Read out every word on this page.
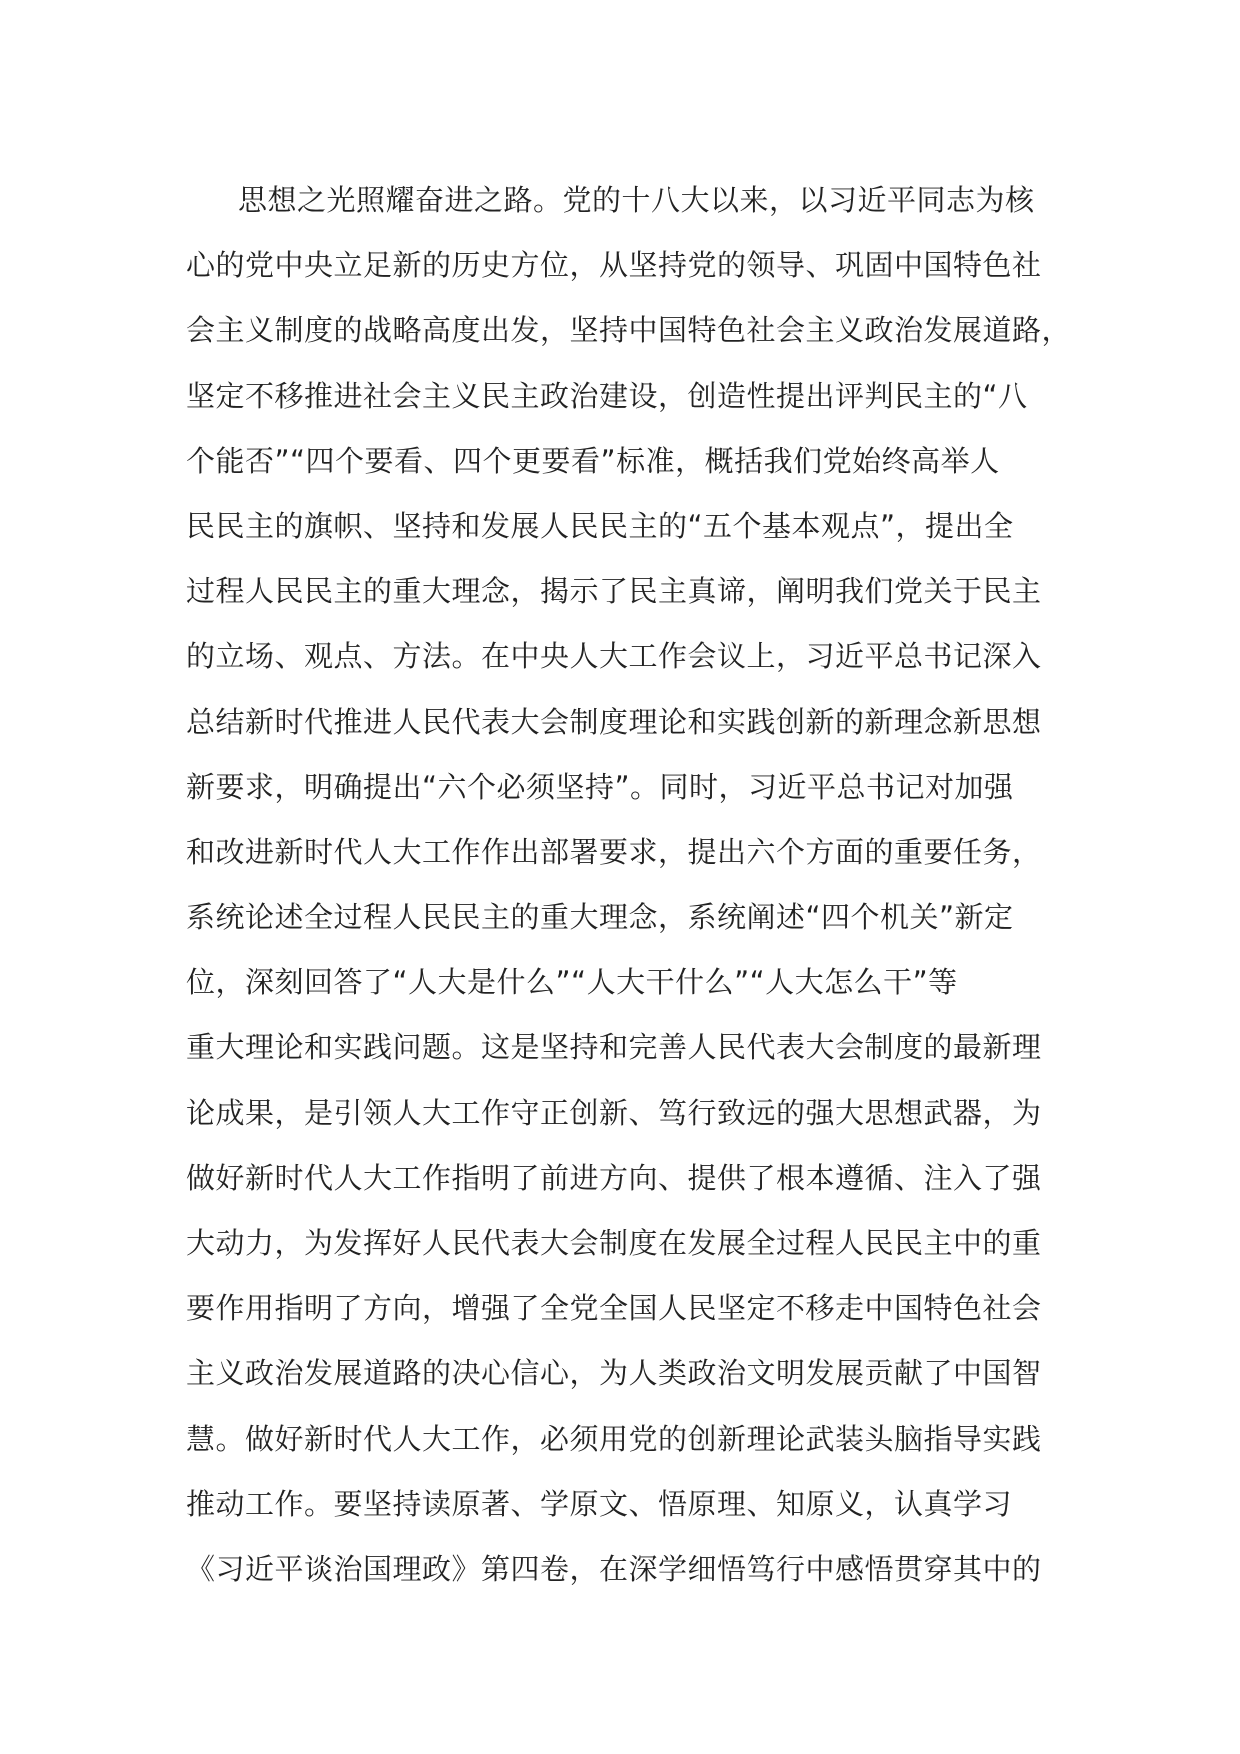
思想之光照耀奋进之路。党的十八大以来，以习近平同志为核
心的党中央立足新的历史方位，从坚持党的领导、巩固中国特色社
会主义制度的战略高度出发，坚持中国特色社会主义政治发展道路，
坚定不移推进社会主义民主政治建设，创造性提出评判民主的“八
个能否”“四个要看、四个更要看”标准，概括我们党始终高举人
民民主的旗帜、坚持和发展人民民主的“五个基本观点”，提出全
过程人民民主的重大理念，揭示了民主真谛，阐明我们党关于民主
的立场、观点、方法。在中央人大工作会议上，习近平总书记深入
总结新时代推进人民代表大会制度理论和实践创新的新理念新思想
新要求，明确提出“六个必须坚持”。同时，习近平总书记对加强
和改进新时代人大工作作出部署要求，提出六个方面的重要任务，
系统论述全过程人民民主的重大理念，系统阐述“四个机关”新定
位，深刻回答了“人大是什么”“人大干什么”“人大怎么干”等
重大理论和实践问题。这是坚持和完善人民代表大会制度的最新理
论成果，是引领人大工作守正创新、笃行致远的强大思想武器，为
做好新时代人大工作指明了前进方向、提供了根本遵循、注入了强
大动力，为发挥好人民代表大会制度在发展全过程人民民主中的重
要作用指明了方向，增强了全党全国人民坚定不移走中国特色社会
主义政治发展道路的决心信心，为人类政治文明发展贡献了中国智
慧。做好新时代人大工作，必须用党的创新理论武装头脑指导实践
推动工作。要坚持读原著、学原文、悟原理、知原义，认真学习
《习近平谈治国理政》第四卷，在深学细悟笃行中感悟贯穿其中的
